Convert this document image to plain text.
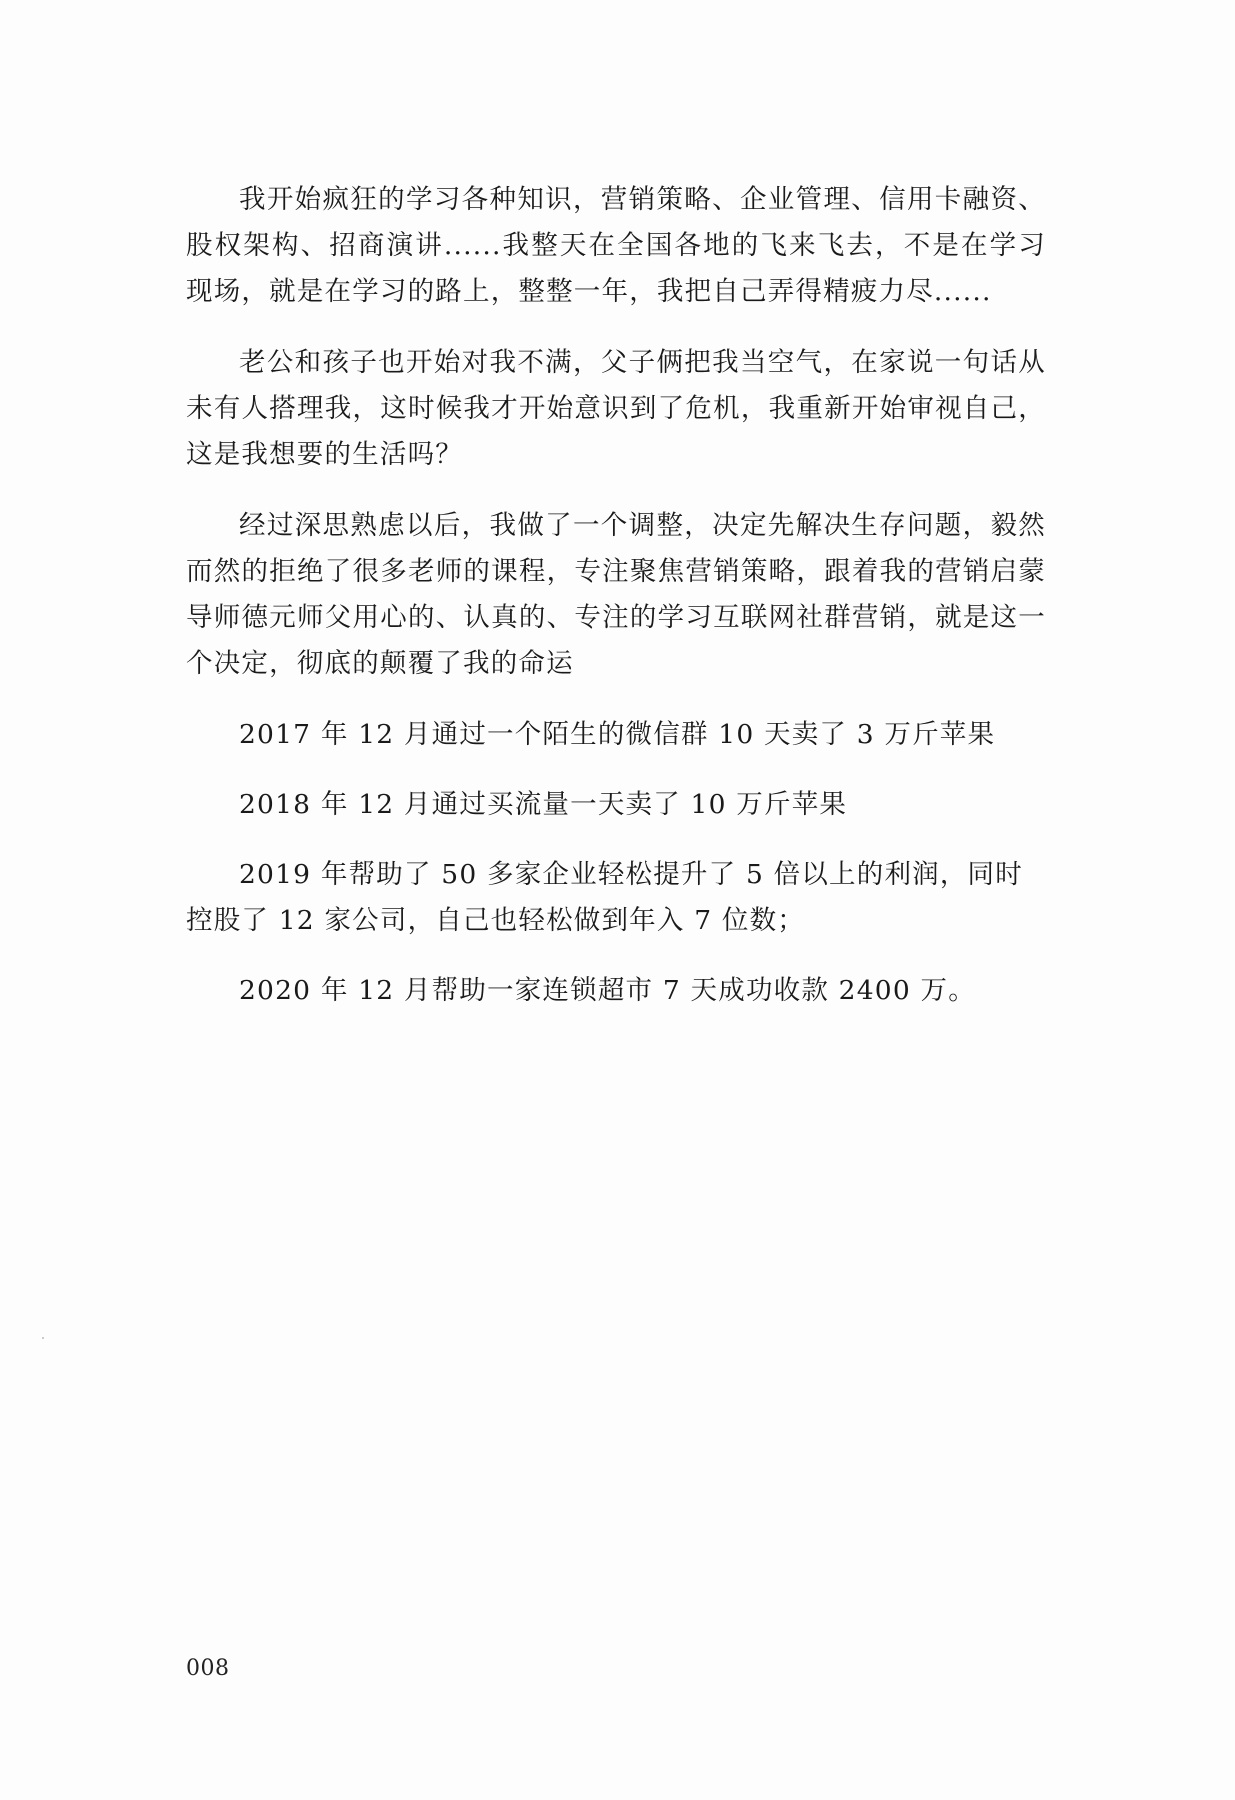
我开始疯狂的学习各种知识，营销策略、企业管理、信用卡融资、股权架构、招商演讲......我整天在全国各地的飞来飞去，不是在学习现场，就是在学习的路上，整整一年，我把自己弄得精疲力尽......

老公和孩子也开始对我不满，父子俩把我当空气，在家说一句话从未有人搭理我，这时候我才开始意识到了危机，我重新开始审视自己，这是我想要的生活吗？

经过深思熟虑以后，我做了一个调整，决定先解决生存问题，毅然而然的拒绝了很多老师的课程，专注聚焦营销策略，跟着我的营销启蒙导师德元师父用心的、认真的、专注的学习互联网社群营销，就是这一个决定，彻底的颠覆了我的命运

2017 年 12 月通过一个陌生的微信群 10 天卖了 3 万斤苹果

2018 年 12 月通过买流量一天卖了 10 万斤苹果

2019 年帮助了 50 多家企业轻松提升了 5 倍以上的利润，同时控股了 12 家公司，自己也轻松做到年入 7 位数；

2020 年 12 月帮助一家连锁超市 7 天成功收款 2400 万。

008
